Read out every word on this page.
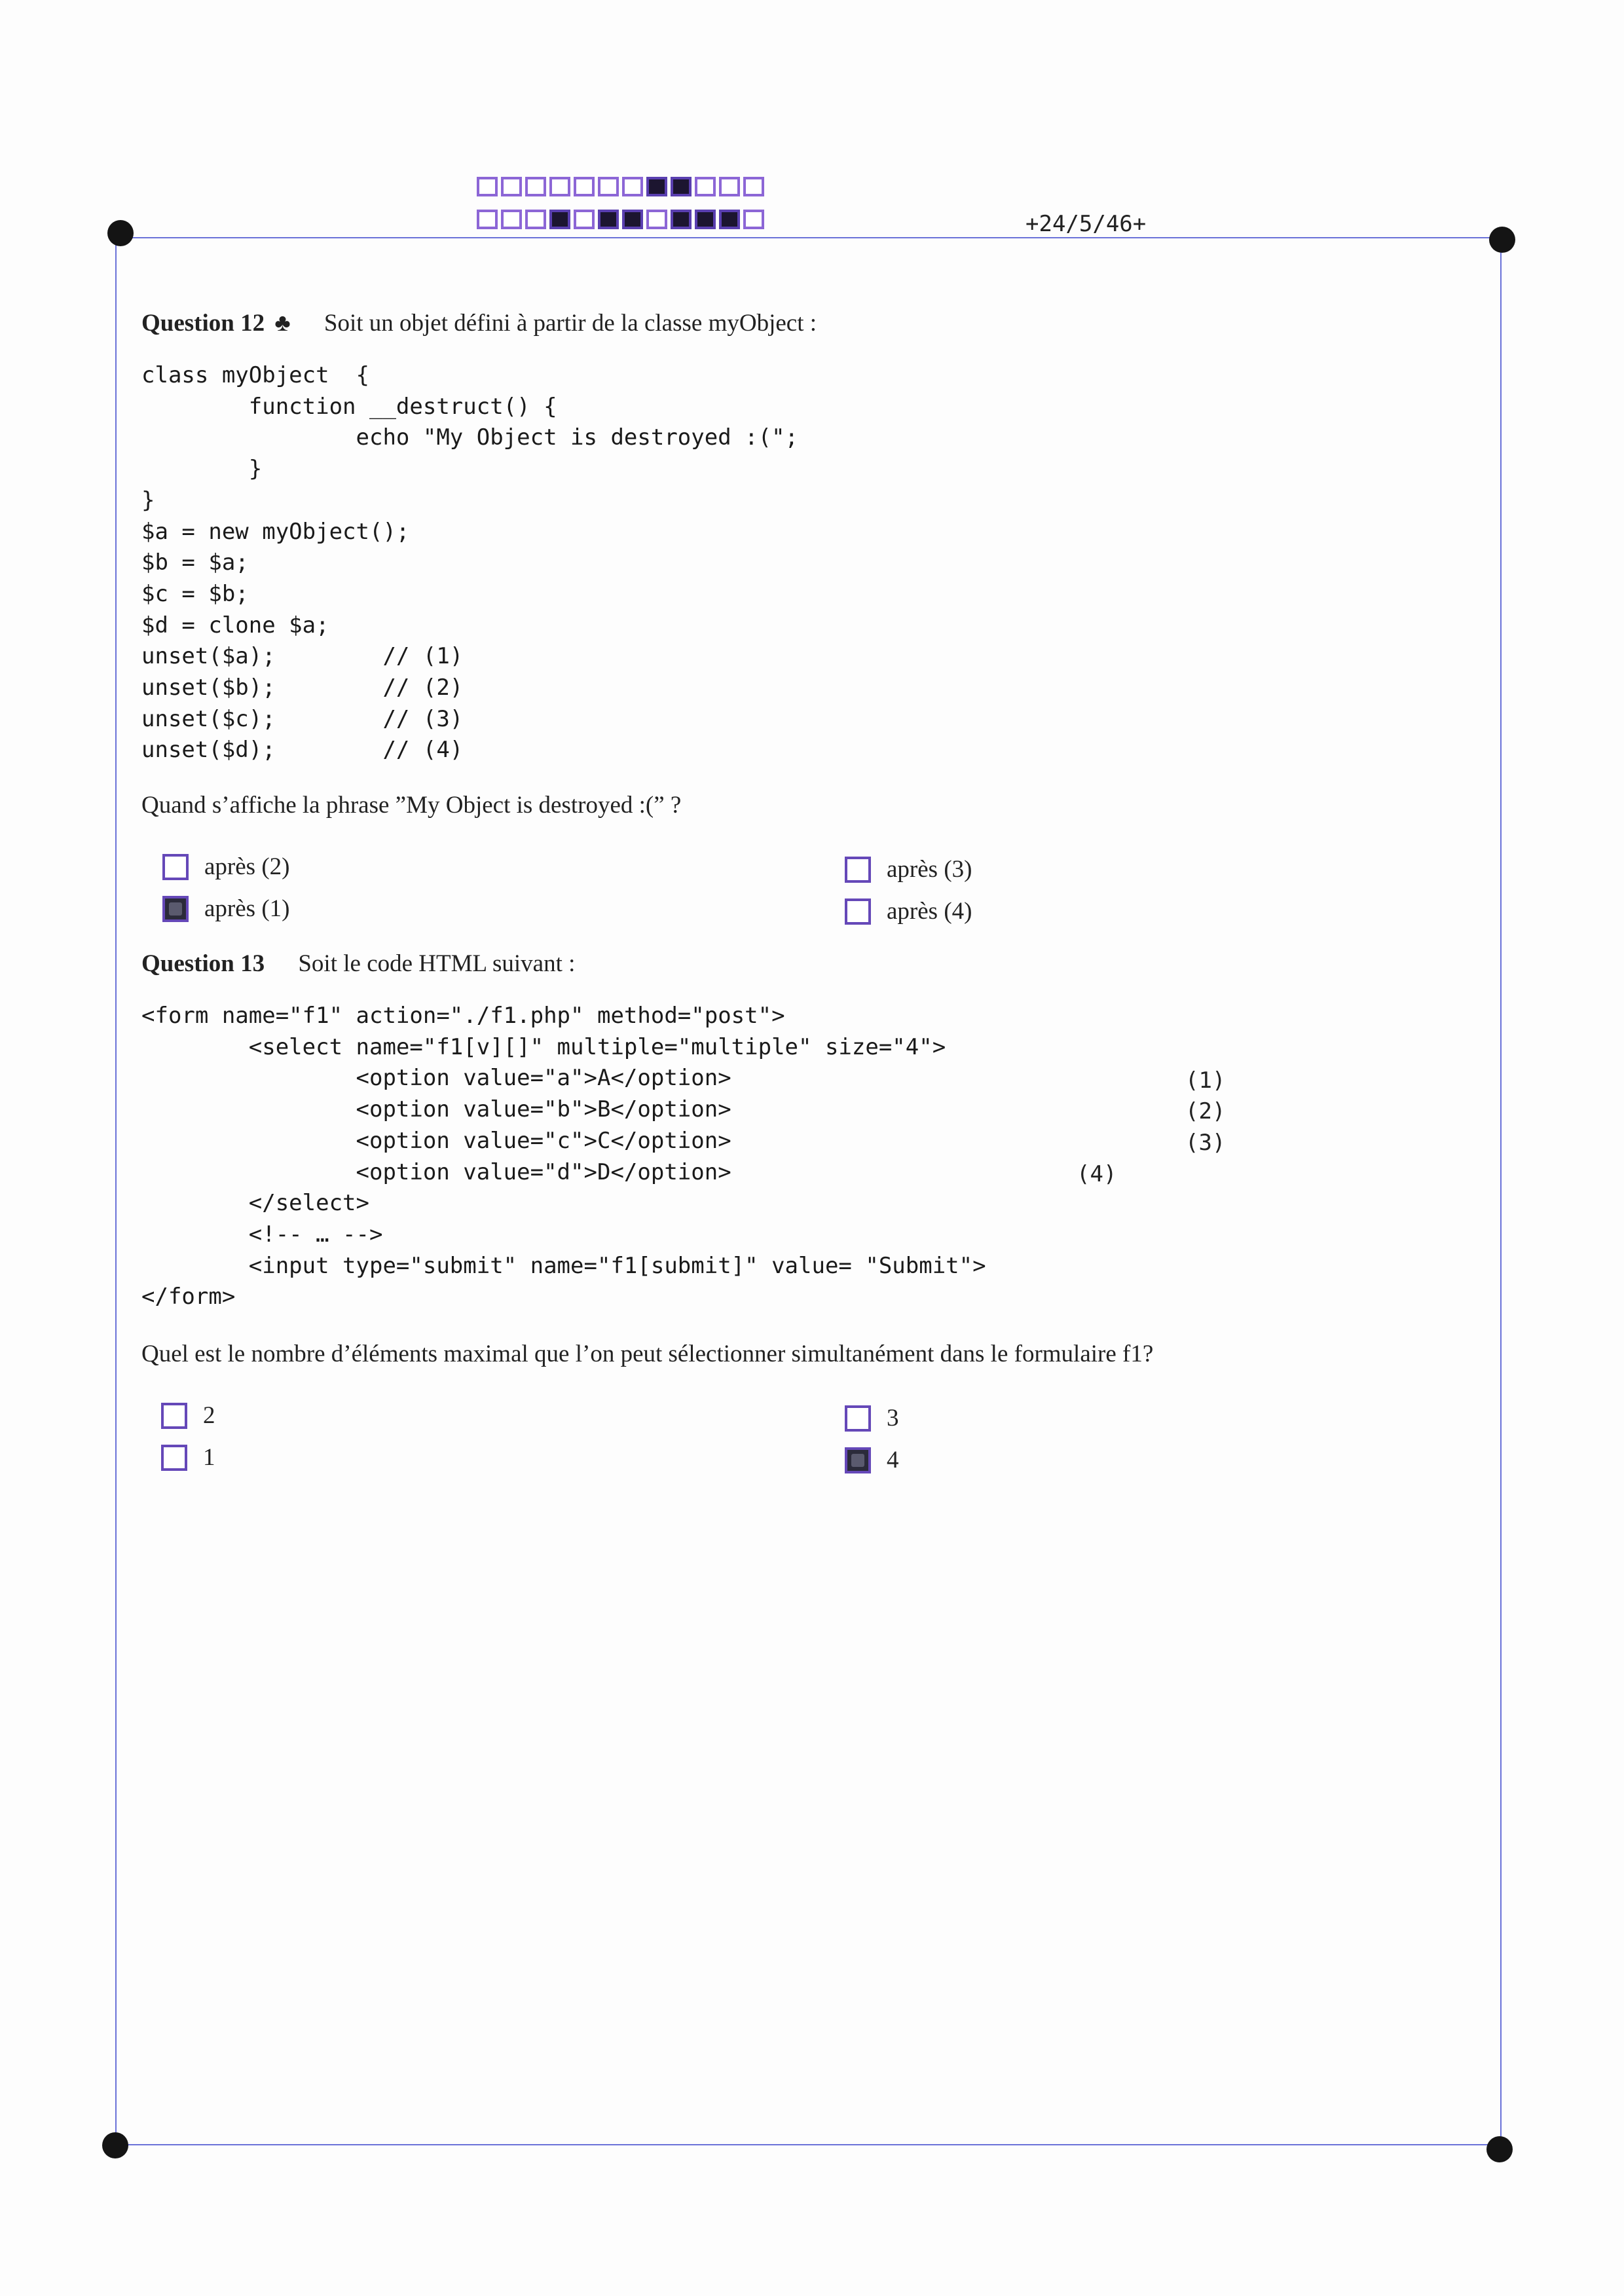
+24/5/46+
Question 12 ♣ Soit un objet défini à partir de la classe myObject :
class myObject  {
function __destruct() {
echo "My Object is destroyed :(";
}
}
$a = new myObject();
$b = $a;
$c = $b;
$d = clone $a;
unset($a);        // (1)
unset($b);        // (2)
unset($c);        // (3)
unset($d);        // (4)
Quand s’affiche la phrase ”My Object is destroyed :(” ?
après (2)
après (1)
après (3)
après (4)
Question 13 Soit le code HTML suivant :
<form name="f1" action="./f1.php" method="post">
<select name="f1[v][]" multiple="multiple" size="4">
<option value="a">A</option>
<option value="b">B</option>
<option value="c">C</option>
<option value="d">D</option>
</select>
<!-- … -->
<input type="submit" name="f1[submit]" value= "Submit">
</form>
(1)
(2)
(3)
(4)
Quel est le nombre d’éléments maximal que l’on peut sélectionner simultanément dans le formulaire f1?
2
1
3
4
